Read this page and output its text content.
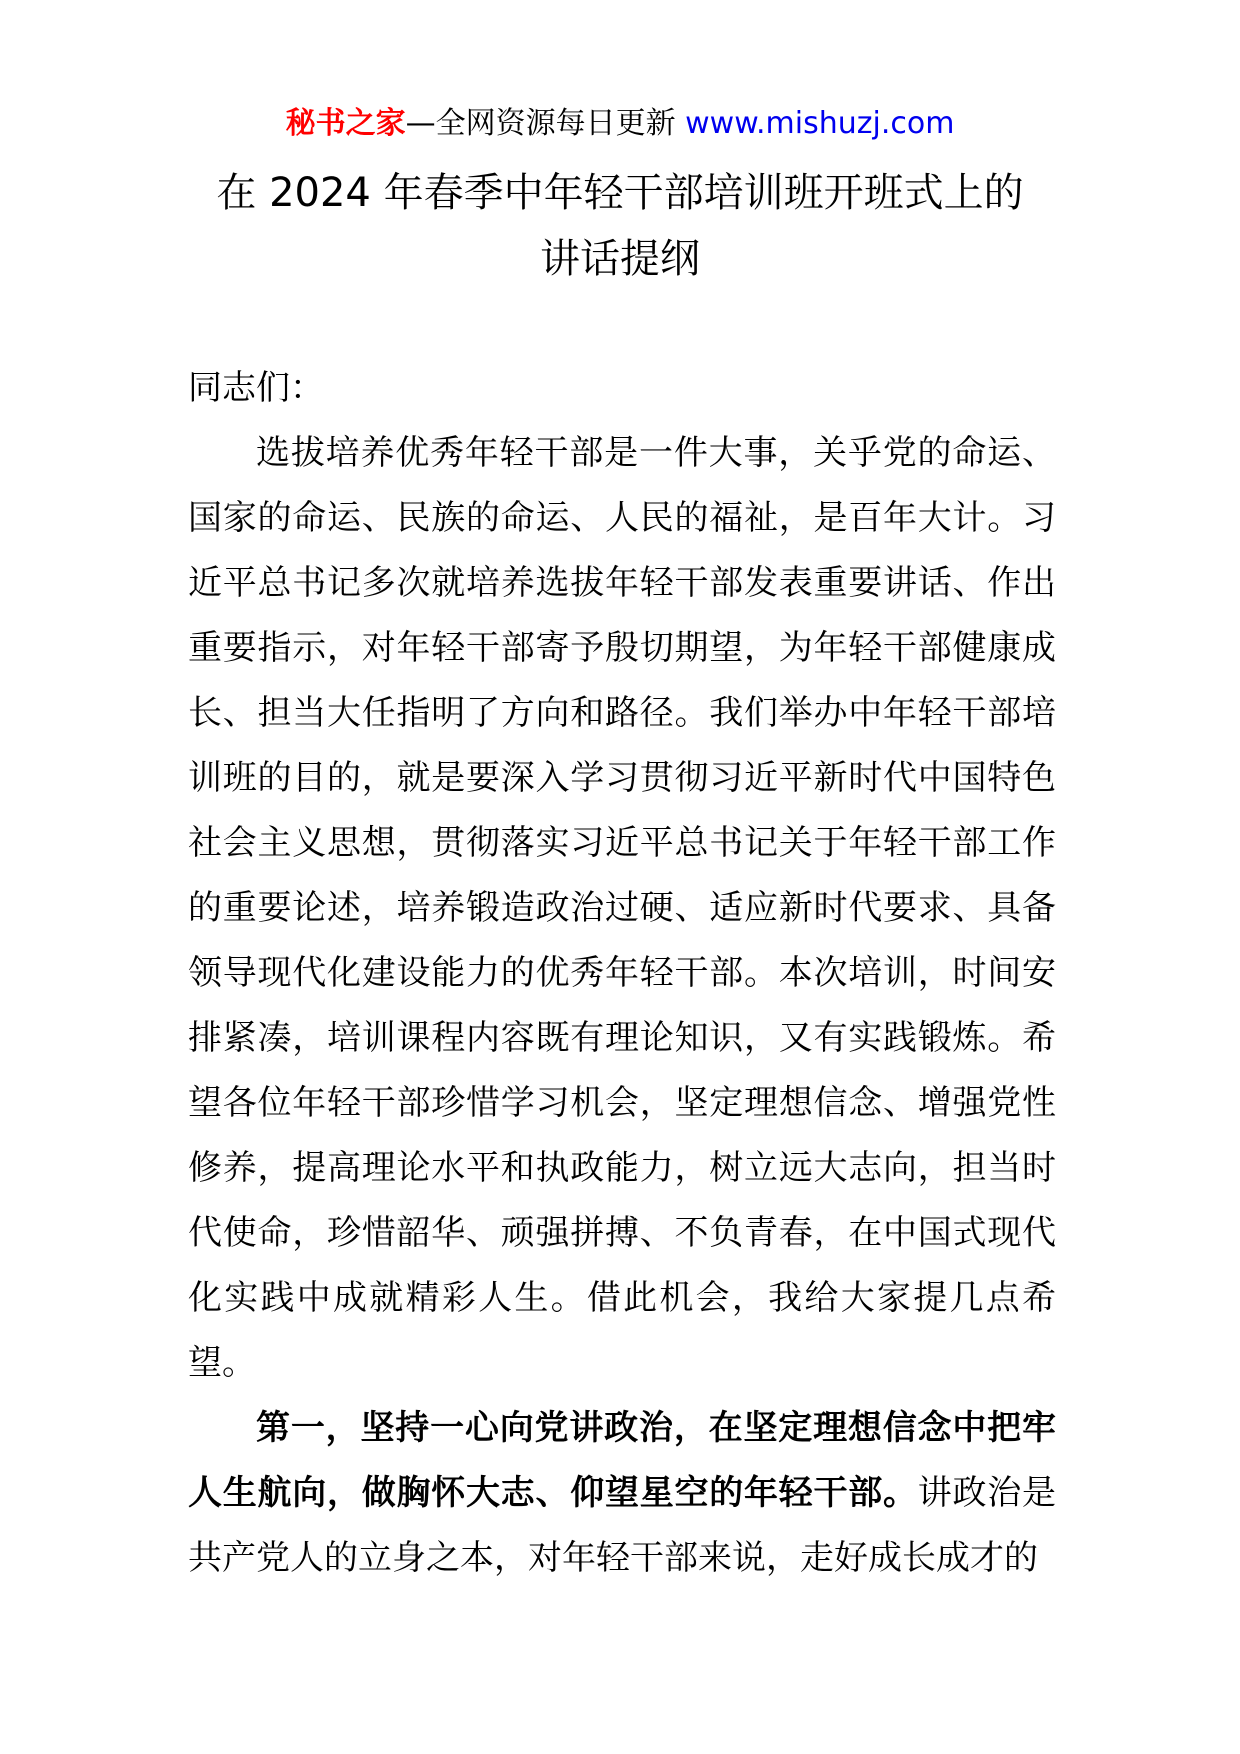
秘书之家—全网资源每日更新 www.mishuzj.com
在 2024 年春季中年轻干部培训班开班式上的
讲话提纲

同志们：

选拔培养优秀年轻干部是一件大事，关乎党的命运、国家的命运、民族的命运、人民的福祉，是百年大计。习近平总书记多次就培养选拔年轻干部发表重要讲话、作出重要指示，对年轻干部寄予殷切期望，为年轻干部健康成长、担当大任指明了方向和路径。我们举办中年轻干部培训班的目的，就是要深入学习贯彻习近平新时代中国特色社会主义思想，贯彻落实习近平总书记关于年轻干部工作的重要论述，培养锻造政治过硬、适应新时代要求、具备领导现代化建设能力的优秀年轻干部。本次培训，时间安排紧凑，培训课程内容既有理论知识，又有实践锻炼。希望各位年轻干部珍惜学习机会，坚定理想信念、增强党性修养，提高理论水平和执政能力，树立远大志向，担当时代使命，珍惜韶华、顽强拼搏、不负青春，在中国式现代化实践中成就精彩人生。借此机会，我给大家提几点希望。

第一，坚持一心向党讲政治，在坚定理想信念中把牢人生航向，做胸怀大志、仰望星空的年轻干部。讲政治是共产党人的立身之本，对年轻干部来说，走好成长成才的
